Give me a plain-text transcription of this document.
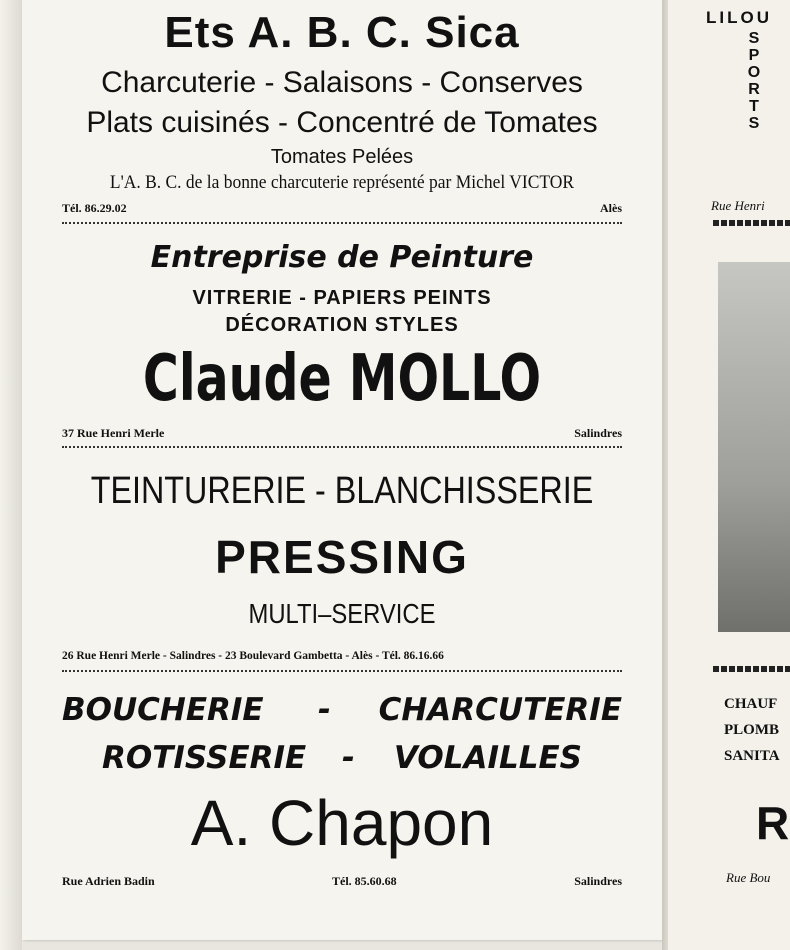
Ets A. B. C. Sica
Charcuterie - Salaisons - Conserves
Plats cuisinés - Concentré de Tomates
Tomates Pelées
L'A. B. C. de la bonne charcuterie représenté par Michel VICTOR
Tél. 86.29.02	Alès
Entreprise de Peinture
VITRERIE - PAPIERS PEINTS
DÉCORATION STYLES
Claude MOLLO
37 Rue Henri Merle	Salindres
TEINTURERIE - BLANCHISSERIE
PRESSING
MULTI–SERVICE
26 Rue Henri Merle - Salindres - 23 Boulevard Gambetta - Alès - Tél. 86.16.66
BOUCHERIE - CHARCUTERIE
ROTISSERIE - VOLAILLES
A. Chapon
Rue Adrien Badin	Tél. 85.60.68	Salindres
LILOU
S
P
O
R
T
S
Rue Henri
CHAUF
PLOMB
SANITA
R
Rue Bou
